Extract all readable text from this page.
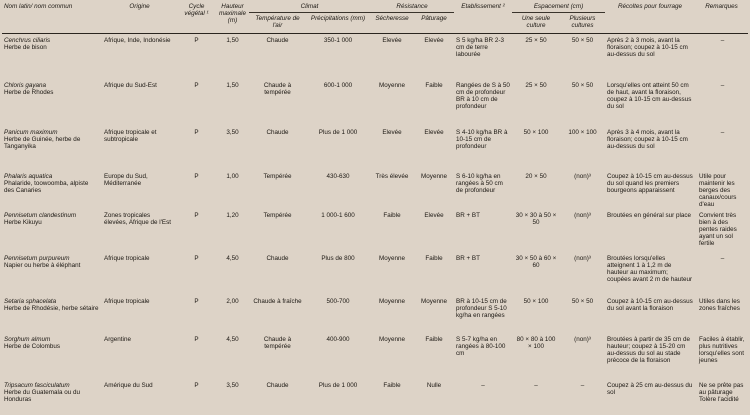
Nom latin/ nom commun	Origine	Cycle végétal ¹	Hauteur maximale (m)	Climat		Résistance		Etablissement ²	Espacement (cm)		Récoltes pour fourrage	Remarques
				Température de l'air	Précipitations (mm)	Sécheresse	Pâturage		Une seule culture	Plusieurs cultures		

Cenchrus ciliaris
Herbe de bison	Afrique, Inde, Indonésie	P	1,50	Chaude	350-1 000	Elevée	Elevée	S 5 kg/ha BR 2-3 cm de terre labourée	25 × 50	50 × 50	Après 2 à 3 mois, avant la floraison; coupez à 10-15 cm au-dessus du sol	–

Chloris gayana
Herbe de Rhodes	Afrique du Sud-Est	P	1,50	Chaude à tempérée	600-1 000	Moyenne	Faible	Rangées de S à 50 cm de profondeur BR à 10 cm de profondeur	25 × 50	50 × 50	Lorsqu'elles ont atteint 50 cm de haut, avant la floraison, coupez à 10-15 cm au-dessus du sol	–

Panicum maximum
Herbe de Guinée, herbe de Tanganyika	Afrique tropicale et subtropicale	P	3,50	Chaude	Plus de 1 000	Elevée	Elevée	S 4-10 kg/ha BR à 10-15 cm de profondeur	50 × 100	100 × 100	Après 3 à 4 mois, avant la floraison; coupez à 10-15 cm au-dessus du sol	–

Phalaris aquatica
Phalaride, toowoomba, alpiste des Canaries	Europe du Sud, Méditerranée	P	1,00	Tempérée	430-630	Très élevée	Moyenne	S 6-10 kg/ha en rangées à 50 cm de profondeur	20 × 50	(non)³	Coupez à 10-15 cm au-dessus du sol quand les premiers bourgeons apparaissent	Utile pour maintenir les berges des canaux/cours d'eau

Pennisetum clandestinum
Herbe Kikuyu	Zones tropicales élevées, Afrique de l'Est	P	1,20	Tempérée	1 000-1 600	Faible	Elevée	BR + BT	30 × 30 à 50 × 50	(non)³	Broutées en général sur place	Convient très bien à des pentes raides ayant un sol fertile

Pennisetum purpureum
Napier ou herbe à éléphant	Afrique tropicale	P	4,50	Chaude	Plus de 800	Moyenne	Faible	BR + BT	30 × 50 à 60 × 60	(non)³	Broutées lorsqu'elles atteignent 1 à 1,2 m de hauteur au maximum; coupées avant 2 m de hauteur	–

Setaria sphacelata
Herbe de Rhodésie, herbe sétaire	Afrique tropicale	P	2,00	Chaude à fraîche	500-700	Moyenne	Moyenne	BR à 10-15 cm de profondeur S 5-10 kg/ha en rangées	50 × 100	50 × 50	Coupez à 10-15 cm au-dessus du sol avant la floraison	Utiles dans les zones fraîches

Sorghum almum
Herbe de Colombus	Argentine	P	4,50	Chaude à tempérée	400-900	Moyenne	Faible	S 5-7 kg/ha en rangées à 80-100 cm	80 × 80 à 100 × 100	(non)³	Broutées à partir de 35 cm de hauteur; coupez à 15-20 cm au-dessus du sol au stade précoce de la floraison	Faciles à établir, plus nutritives lorsqu'elles sont jeunes

Tripsacum fasciculatum
Herbe du Guatemala ou du Honduras	Amérique du Sud	P	3,50	Chaude	Plus de 1 000	Faible	Nulle	–	–	–	Coupez à 25 cm au-dessus du sol	Ne se prête pas au pâturage Tolère l'acidité
